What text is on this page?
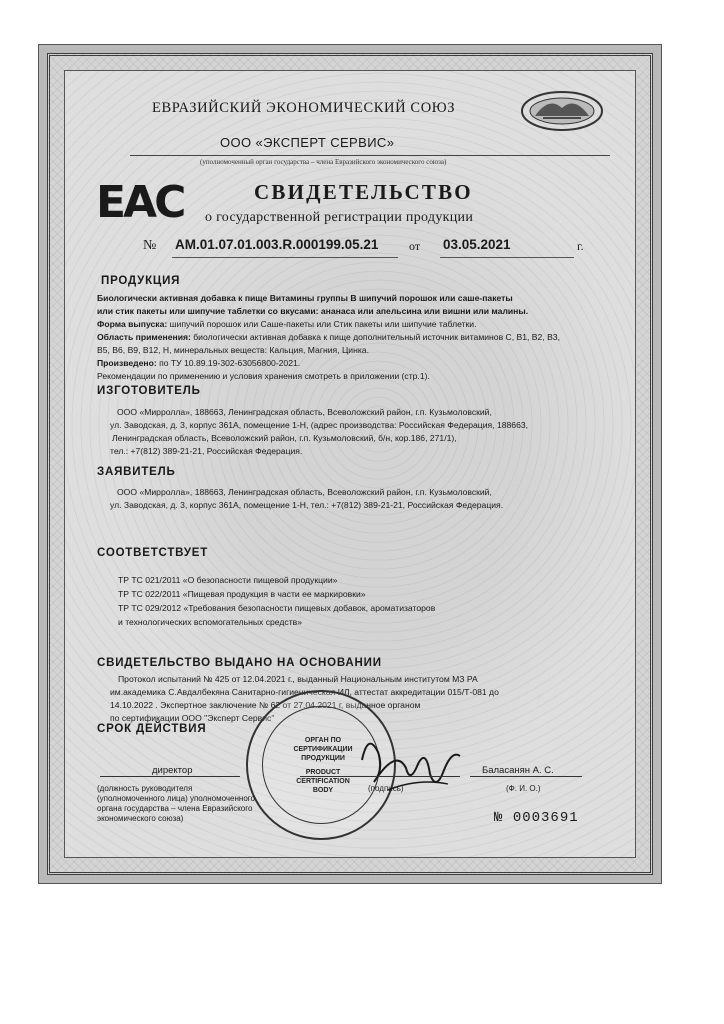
ЕВРАЗИЙСКИЙ ЭКОНОМИЧЕСКИЙ СОЮЗ
ООО «ЭКСПЕРТ СЕРВИС»
(уполномоченный орган государства – члена Евразийского экономического союза)
ЕАС	СВИДЕТЕЛЬСТВО
о государственной регистрации продукции
№ АМ.01.07.01.003.R.000199.05.21	от 03.05.2021	г.
ПРОДУКЦИЯ
Биологически активная добавка к пище Витамины группы В шипучий порошок или саше-пакеты
или стик пакеты или шипучие таблетки со вкусами: ананаса или апельсина или вишни или малины.
Форма выпуска: шипучий порошок или Саше-пакеты или Стик пакеты или шипучие таблетки.
Область применения: биологически активная добавка к пище дополнительный источник витаминов С, B1, B2, B3,
B5, B6, B9, B12, Н, минеральных веществ: Кальция, Магния, Цинка.
Произведено: по ТУ 10.89.19-302-63056800-2021.
Рекомендации по применению и условия хранения смотреть в приложении (стр.1).
ИЗГОТОВИТЕЛЬ
ООО «Мирролла», 188663, Ленинградская область, Всеволожский район, г.п. Кузьмоловский,
ул. Заводская, д. 3, корпус 361А, помещение 1-Н, (адрес производства: Российская Федерация, 188663,
Ленинградская область, Всеволожский район, г.п. Кузьмоловский, б/н, кор.186, 271/1),
тел.: +7(812) 389-21-21, Российская Федерация.
ЗАЯВИТЕЛЬ
ООО «Мирролла», 188663, Ленинградская область, Всеволожский район, г.п. Кузьмоловский,
ул. Заводская, д. 3, корпус 361А, помещение 1-Н, тел.: +7(812) 389-21-21, Российская Федерация.
СООТВЕТСТВУЕТ
ТР ТС 021/2011 «О безопасности пищевой продукции»
ТР ТС 022/2011 «Пищевая продукция в части ее маркировки»
ТР ТС 029/2012 «Требования безопасности пищевых добавок, ароматизаторов
и технологических вспомогательных средств»
СВИДЕТЕЛЬСТВО ВЫДАНО НА ОСНОВАНИИ
Протокол испытаний № 425 от 12.04.2021 г., выданный Национальным институтом МЗ РА
им.академика С.Авдалбекяна Санитарно-гигиеническая ИЛ, аттестат аккредитации 015/Т-081 до
14.10.2022 . Экспертное заключение № 62 от 27.04.2021 г, выданное органом
по сертификации ООО "Эксперт Сервис"
СРОК ДЕЙСТВИЯ
ОРГАН ПО
СЕРТИФИКАЦИИ
ПРОДУКЦИИ
PRODUCT
CERTIFICATION
BODY
директор	Баласанян А. С.
(должность руководителя
(уполномоченного лица) уполномоченного
органа государства – члена Евразийского
экономического союза)
(подпись)	(Ф. И. О.)
№ 0003691
